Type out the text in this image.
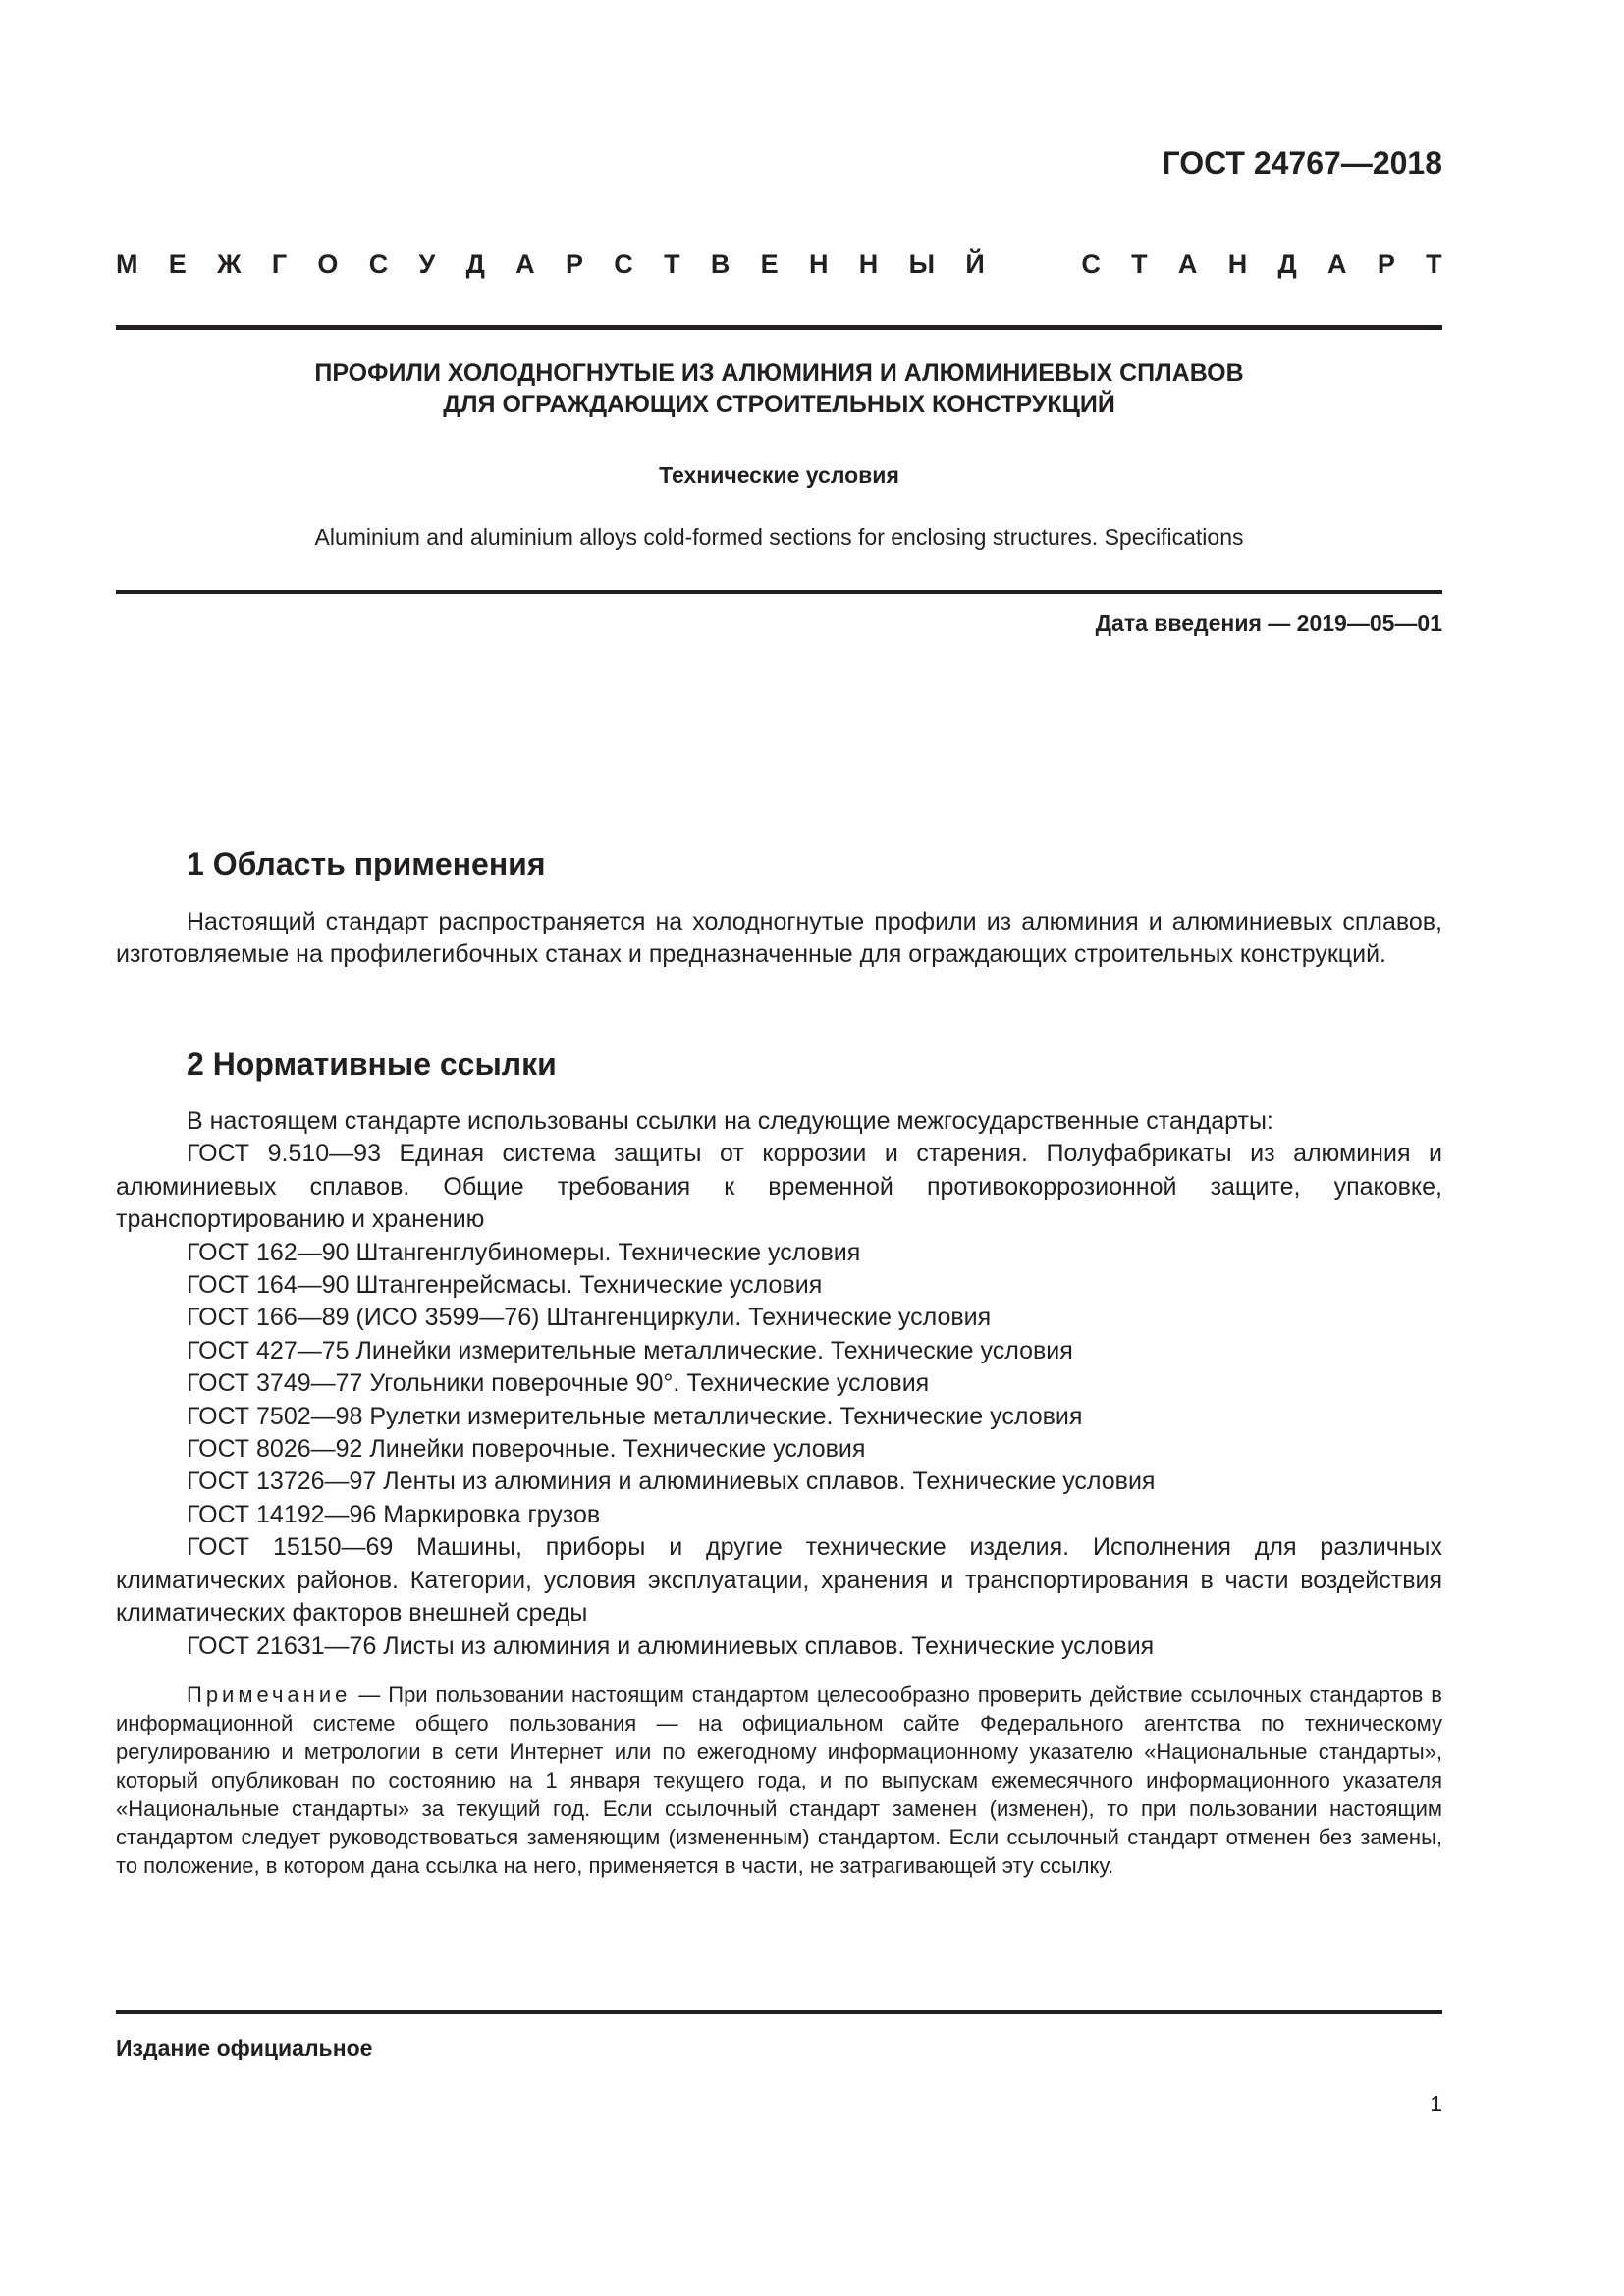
ГОСТ 24767—2018
М Е Ж Г О С У Д А Р С Т В Е Н Н Ы Й	С Т А Н Д А Р Т
ПРОФИЛИ ХОЛОДНОГНУТЫЕ ИЗ АЛЮМИНИЯ И АЛЮМИНИЕВЫХ СПЛАВОВ
ДЛЯ ОГРАЖДАЮЩИХ СТРОИТЕЛЬНЫХ КОНСТРУКЦИЙ
Технические условия
Aluminium and aluminium alloys cold-formed sections for enclosing structures. Specifications
Дата введения — 2019—05—01
1 Область применения

Настоящий стандарт распространяется на холодногнутые профили из алюминия и алюминиевых сплавов, изготовляемые на профилегибочных станах и предназначенные для ограждающих строительных конструкций.

2 Нормативные ссылки

В настоящем стандарте использованы ссылки на следующие межгосударственные стандарты:

ГОСТ 9.510—93 Единая система защиты от коррозии и старения. Полуфабрикаты из алюминия и алюминиевых сплавов. Общие требования к временной противокоррозионной защите, упаковке, транспортированию и хранению

ГОСТ 162—90 Штангенглубиномеры. Технические условия

ГОСТ 164—90 Штангенрейсмасы. Технические условия

ГОСТ 166—89 (ИСО 3599—76) Штангенциркули. Технические условия

ГОСТ 427—75 Линейки измерительные металлические. Технические условия

ГОСТ 3749—77 Угольники поверочные 90°. Технические условия

ГОСТ 7502—98 Рулетки измерительные металлические. Технические условия

ГОСТ 8026—92 Линейки поверочные. Технические условия

ГОСТ 13726—97 Ленты из алюминия и алюминиевых сплавов. Технические условия

ГОСТ 14192—96 Маркировка грузов

ГОСТ 15150—69 Машины, приборы и другие технические изделия. Исполнения для различных климатических районов. Категории, условия эксплуатации, хранения и транспортирования в части воздействия климатических факторов внешней среды

ГОСТ 21631—76 Листы из алюминия и алюминиевых сплавов. Технические условия

Примечание — При пользовании настоящим стандартом целесообразно проверить действие ссылочных стандартов в информационной системе общего пользования — на официальном сайте Федерального агентства по техническому регулированию и метрологии в сети Интернет или по ежегодному информационному указателю «Национальные стандарты», который опубликован по состоянию на 1 января текущего года, и по выпускам ежемесячного информационного указателя «Национальные стандарты» за текущий год. Если ссылочный стандарт заменен (изменен), то при пользовании настоящим стандартом следует руководствоваться заменяющим (измененным) стандартом. Если ссылочный стандарт отменен без замены, то положение, в котором дана ссылка на него, применяется в части, не затрагивающей эту ссылку.

Издание официальное
1
